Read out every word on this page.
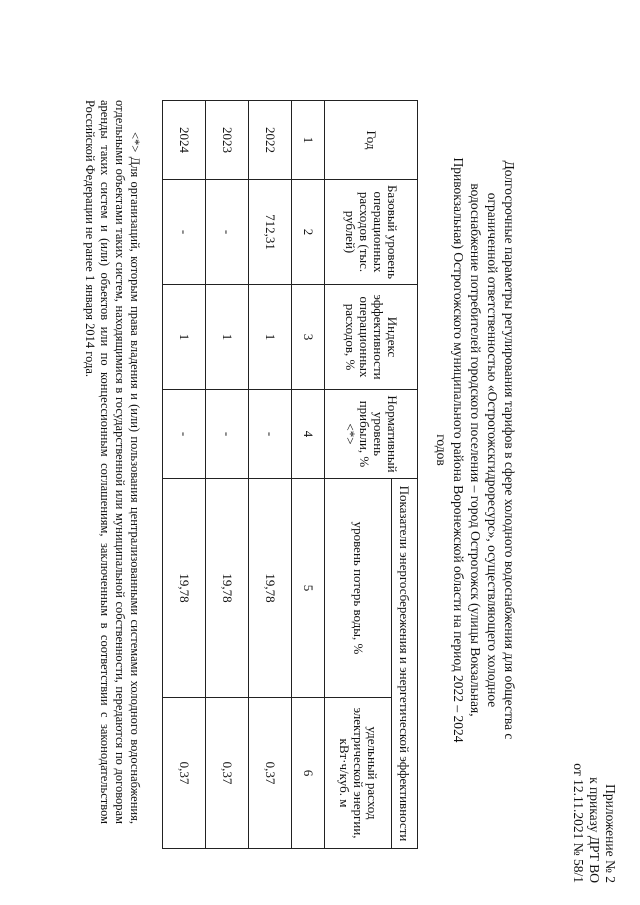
Приложение № 2
к приказу ДРТ ВО
от 12.11.2021 № 58/1
Долгосрочные параметры регулирования тарифов в сфере холодного водоснабжения для общества с ограниченной ответственностью «Острогожскгидроресурс», осуществляющего холодное водоснабжение потребителей городского поселения – город Острогожск (улицы Вокзальная, Привокзальная) Острогожского муниципального района Воронежской области на период 2022 – 2024 годов
Год	Базовый уровень операционных расходов (тыс. рублей)	Индекс эффективности операционных расходов, %	Нормативный уровень прибыли, % <*>	Показатели энергосбережения и энергетической эффективности	
				уровень потерь воды, %	удельный расход электрической энергии, кВт·ч/куб. м
1	2	3	4	5	6
2022	712,31	1	-	19,78	0,37
2023	-	1	-	19,78	0,37
2024	-	1	-	19,78	0,37

<*> Для организаций, которым права владения и (или) пользования централизованными системами холодного водоснабжения, отдельными объектами таких систем, находящимися в государственной или муниципальной собственности, передаются по договорам аренды таких систем и (или) объектов или по концессионным соглашениям, заключенным в соответствии с законодательством Российской Федерации не ранее 1 января 2014 года.
